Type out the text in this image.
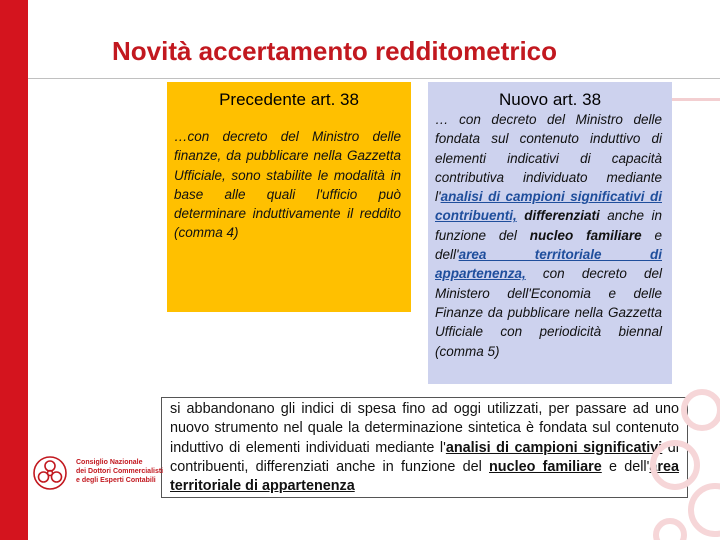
Novità accertamento redditometrico
Precedente art. 38
…con decreto del Ministro delle finanze, da pubblicare nella Gazzetta Ufficiale, sono stabilite le modalità in base alle quali l'ufficio può determinare induttivamente il reddito (comma 4)
Nuovo art. 38
… con decreto del Ministro delle fondata sul contenuto induttivo di elementi indicativi di capacità contributiva individuato mediante l'analisi di campioni significativi di contribuenti, differenziati anche in funzione del nucleo familiare e dell'area territoriale di appartenenza, con decreto del Ministero dell'Economia e delle Finanze da pubblicare nella Gazzetta Ufficiale con periodicità biennal (comma 5)
si abbandonano gli indici di spesa fino ad oggi utilizzati, per passare ad uno nuovo strumento nel quale la determinazione sintetica è fondata sul contenuto induttivo di elementi individuati mediante l'analisi di campioni significativi di contribuenti, differenziati anche in funzione del nucleo familiare e dell'area territoriale di appartenenza
Consiglio Nazionale
dei Dottori Commercialisti
e degli Esperti Contabili
